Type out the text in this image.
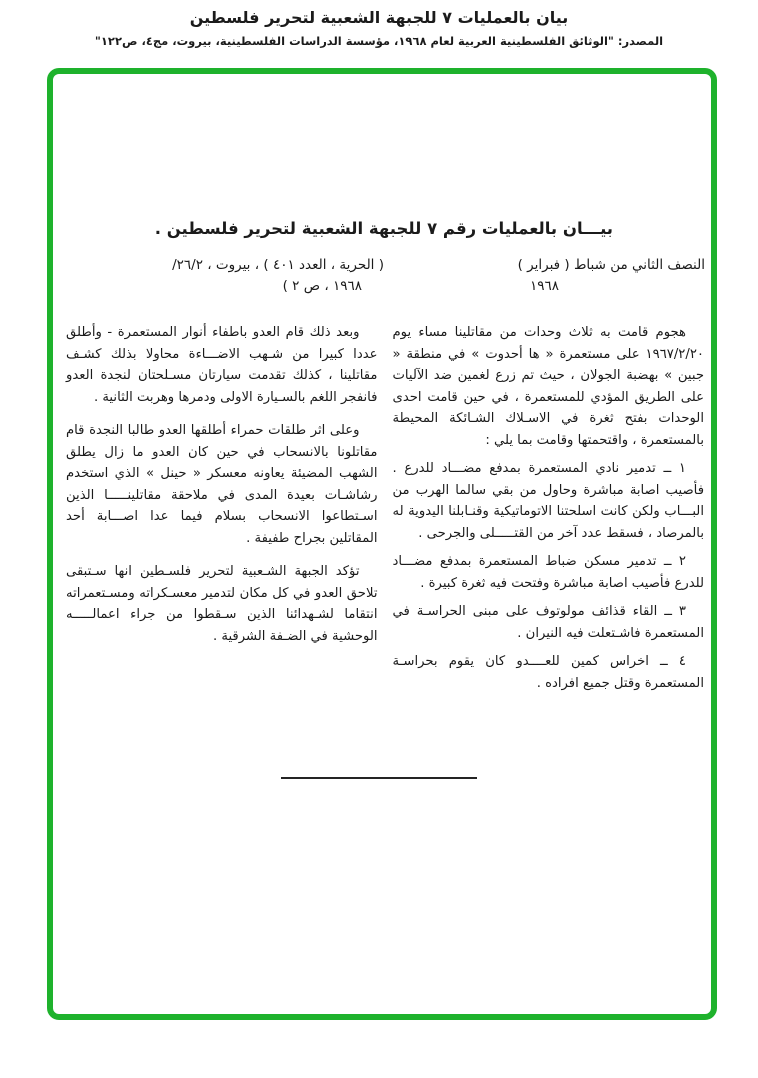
بيان بالعمليات ٧ للجبهة الشعبية لتحرير فلسطين
المصدر: "الوثائق الفلسطينية العربية لعام ١٩٦٨، مؤسسة الدراسات الفلسطينية، بيروت، مج٤، ص١٢٢"
بيـــان بالعمليات رقم ٧ للجبهة الشعبية لتحرير فلسطين .
النصف الثاني من شباط ( فبراير )
١٩٦٨
( الحرية ، العدد ٤٠١ ) ، بيروت ، ٢٦/٢/
١٩٦٨ ، ص ٢ )

هجوم قامت به ثلاث وحدات من مقاتلينا مساء يوم ١٩٦٧/٢/٢٠ على مستعمرة « ها أحدوت » في منطقة « جبين » بهضبة الجولان ، حيث تم زرع لغمين ضد الآليات على الطريق المؤدي للمستعمرة ، في حين قامت احدى الوحدات بفتح ثغرة في الاسـلاك الشـائكة المحيطة بالمستعمرة ، واقتحمتها وقامت بما يلي :

١ ــ تدمير نادي المستعمرة بمدفع مضـــاد للدرع . فأصيب اصابة مباشرة وحاول من بقي سالما الهرب من البـــاب ولكن كانت اسلحتنا الاتوماتيكية وقنـابلنا اليدوية له بالمرصاد ، فسقط عدد آخر من القتـــــلى والجرحى .

٢ ــ تدمير مسكن ضباط المستعمرة بمدفع مضـــاد للدرع فأصيب اصابة مباشرة وفتحت فيه ثغرة كبيرة .

٣ ــ القاء قذائف مولوتوف على مبنى الحراسـة في المستعمرة فاشـتعلت فيه النيران .

٤ ــ اخراس كمين للعــــدو كان يقوم بحراسـة المستعمرة وقتل جميع افراده .

وبعد ذلك قام العدو باطفاء أنوار المستعمرة - وأطلق عددا كبيرا من شـهب الاضـــاءة محاولا بذلك كشـف مقاتلينا ، كذلك تقدمت سيارتان مسـلحتان لنجدة العدو فانفجر اللغم بالسـيارة الاولى ودمرها وهربت الثانية .

وعلى اثر طلقات حمراء أطلقها العدو طالبا النجدة قام مقاتلونا بالانسحاب في حين كان العدو ما زال يطلق الشهب المضيئة يعاونه معسكر « حينل » الذي استخدم رشاشـات بعيدة المدى في ملاحقة مقاتلينـــــا الذين اسـتطاعوا الانسحاب بسلام فيما عدا اصـــابة أحد المقاتلين بجراح طفيفة .

تؤكد الجبهة الشـعبية لتحرير فلسـطين انها سـتبقى تلاحق العدو في كل مكان لتدمير معسـكراته ومسـتعمراته انتقاما لشـهدائنا الذين سـقطوا من جراء اعمالـــــه الوحشية في الضـفة الشرقية .
